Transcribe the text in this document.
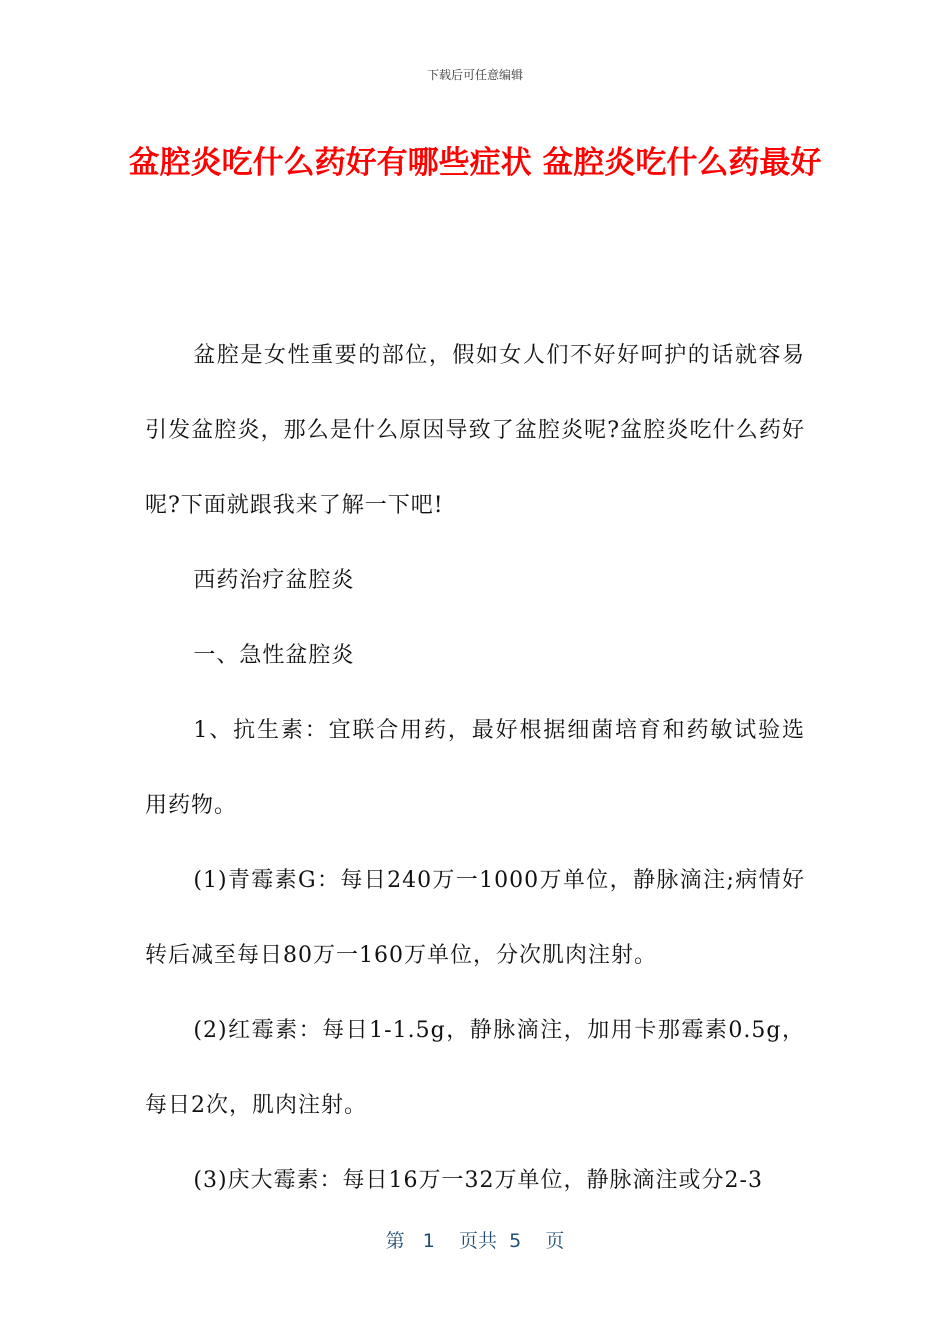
下载后可任意编辑
盆腔炎吃什么药好有哪些症状 盆腔炎吃什么药最好

盆腔是女性重要的部位，假如女人们不好好呵护的话就容易引发盆腔炎，那么是什么原因导致了盆腔炎呢?盆腔炎吃什么药好呢?下面就跟我来了解一下吧!

西药治疗盆腔炎

一、急性盆腔炎

1、抗生素：宜联合用药，最好根据细菌培育和药敏试验选用药物。

(1)青霉素G：每日240万一1000万单位，静脉滴注;病情好转后减至每日80万一160万单位，分次肌肉注射。

(2)红霉素：每日1-1.5g，静脉滴注，加用卡那霉素0.5g，每日2次，肌肉注射。

(3)庆大霉素：每日16万一32万单位，静脉滴注或分2-3

第 1 页共 5 页
